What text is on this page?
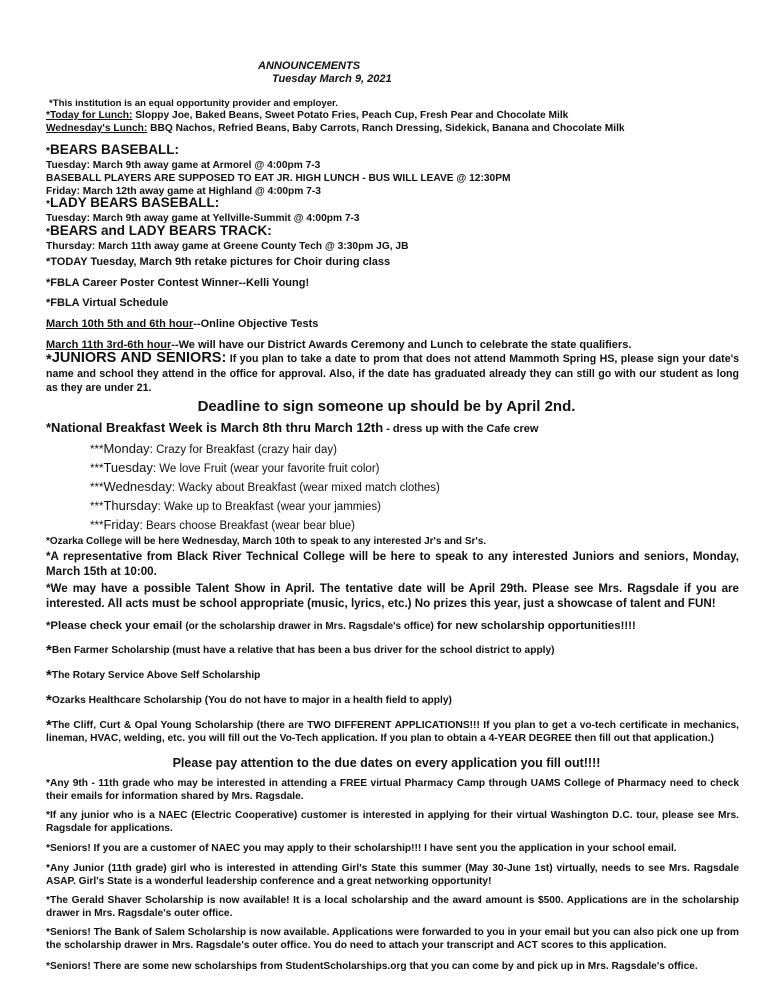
ANNOUNCEMENTS
Tuesday March 9, 2021
*This institution is an equal opportunity provider and employer.
*Today for Lunch: Sloppy Joe, Baked Beans, Sweet Potato Fries, Peach Cup, Fresh Pear and Chocolate Milk
Wednesday's Lunch: BBQ Nachos, Refried Beans, Baby Carrots, Ranch Dressing, Sidekick, Banana and Chocolate Milk
*BEARS BASEBALL:
Tuesday: March 9th away game at Armorel @ 4:00pm 7-3
BASEBALL PLAYERS ARE SUPPOSED TO EAT JR. HIGH LUNCH - BUS WILL LEAVE @ 12:30PM
Friday: March 12th away game at Highland @ 4:00pm 7-3
*LADY BEARS BASEBALL:
Tuesday: March 9th away game at Yellville-Summit @ 4:00pm 7-3
*BEARS and LADY BEARS TRACK:
Thursday: March 11th away game at Greene County Tech @ 3:30pm JG, JB
*TODAY Tuesday, March 9th retake pictures for Choir during class
*FBLA Career Poster Contest Winner--Kelli Young!
*FBLA Virtual Schedule
March 10th 5th and 6th hour--Online Objective Tests
March 11th 3rd-6th hour--We will have our District Awards Ceremony and Lunch to celebrate the state qualifiers.
*JUNIORS AND SENIORS: If you plan to take a date to prom that does not attend Mammoth Spring HS, please sign your date's name and school they attend in the office for approval. Also, if the date has graduated already they can still go with our student as long as they are under 21.
Deadline to sign someone up should be by April 2nd.
*National Breakfast Week is March 8th thru March 12th - dress up with the Cafe crew
***Monday: Crazy for Breakfast (crazy hair day)
***Tuesday: We love Fruit (wear your favorite fruit color)
***Wednesday: Wacky about Breakfast (wear mixed match clothes)
***Thursday: Wake up to Breakfast (wear your jammies)
***Friday: Bears choose Breakfast (wear bear blue)
*Ozarka College will be here Wednesday, March 10th to speak to any interested Jr's and Sr's.
*A representative from Black River Technical College will be here to speak to any interested Juniors and seniors, Monday, March 15th at 10:00.
*We may have a possible Talent Show in April. The tentative date will be April 29th. Please see Mrs. Ragsdale if you are interested. All acts must be school appropriate (music, lyrics, etc.) No prizes this year, just a showcase of talent and FUN!
*Please check your email (or the scholarship drawer in Mrs. Ragsdale's office) for new scholarship opportunities!!!!
*Ben Farmer Scholarship (must have a relative that has been a bus driver for the school district to apply)
*The Rotary Service Above Self Scholarship
*Ozarks Healthcare Scholarship (You do not have to major in a health field to apply)
*The Cliff, Curt & Opal Young Scholarship (there are TWO DIFFERENT APPLICATIONS!!! If you plan to get a vo-tech certificate in mechanics, lineman, HVAC, welding, etc. you will fill out the Vo-Tech application. If you plan to obtain a 4-YEAR DEGREE then fill out that application.)
Please pay attention to the due dates on every application you fill out!!!!
*Any 9th - 11th grade who may be interested in attending a FREE virtual Pharmacy Camp through UAMS College of Pharmacy need to check their emails for information shared by Mrs. Ragsdale.
*If any junior who is a NAEC (Electric Cooperative) customer is interested in applying for their virtual Washington D.C. tour, please see Mrs. Ragsdale for applications.
*Seniors! If you are a customer of NAEC you may apply to their scholarship!!! I have sent you the application in your school email.
*Any Junior (11th grade) girl who is interested in attending Girl's State this summer (May 30-June 1st) virtually, needs to see Mrs. Ragsdale ASAP. Girl's State is a wonderful leadership conference and a great networking opportunity!
*The Gerald Shaver Scholarship is now available! It is a local scholarship and the award amount is $500. Applications are in the scholarship drawer in Mrs. Ragsdale's outer office.
*Seniors! The Bank of Salem Scholarship is now available. Applications were forwarded to you in your email but you can also pick one up from the scholarship drawer in Mrs. Ragsdale's outer office. You do need to attach your transcript and ACT scores to this application.
*Seniors! There are some new scholarships from StudentScholarships.org that you can come by and pick up in Mrs. Ragsdale's office.
